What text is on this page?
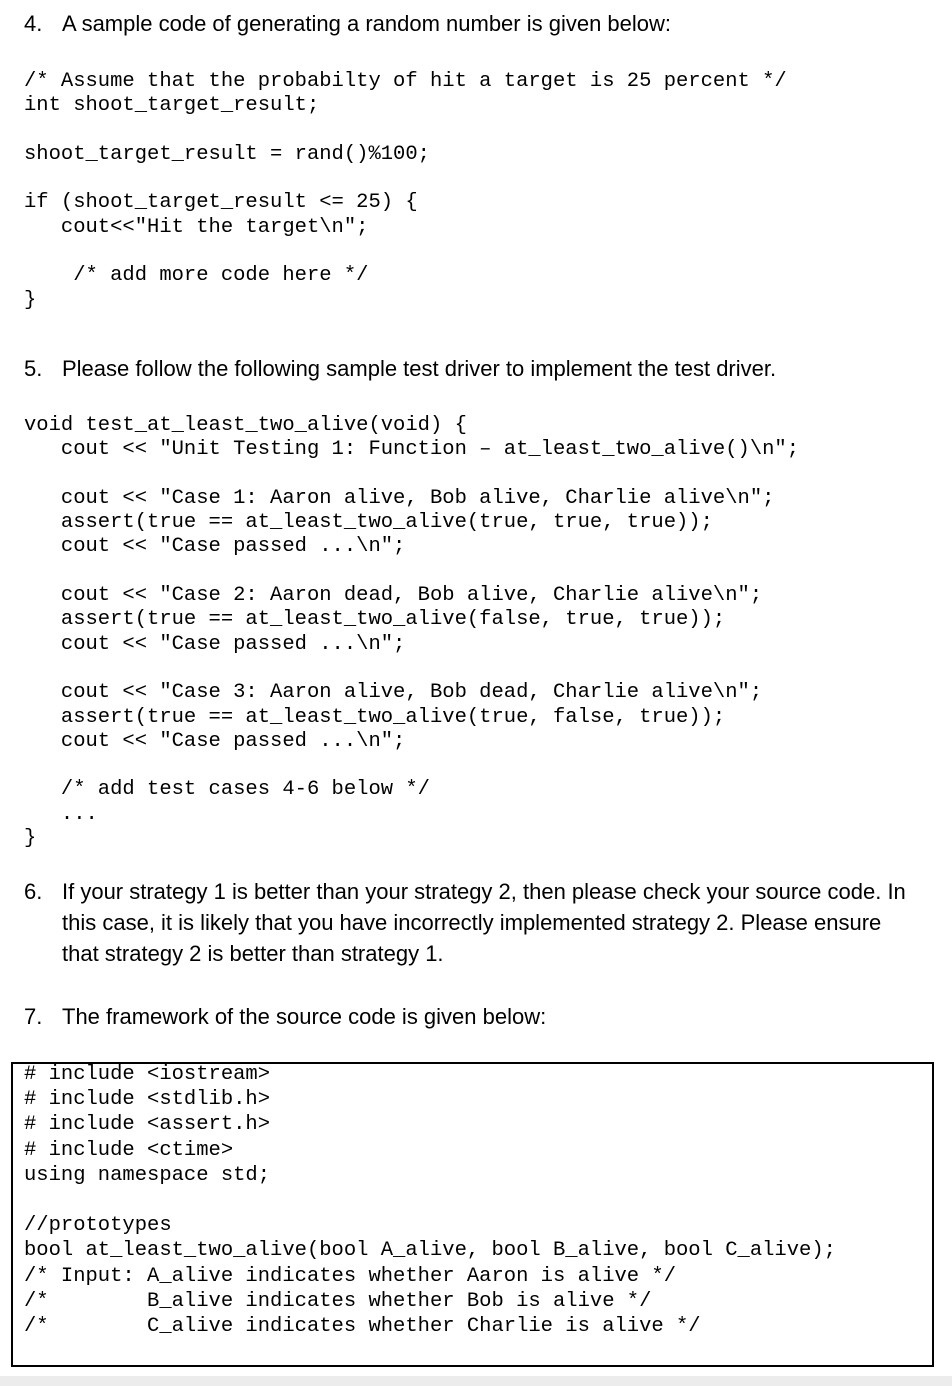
4. A sample code of generating a random number is given below:
/* Assume that the probabilty of hit a target is 25 percent */
int shoot_target_result;
shoot_target_result = rand()%100;
if (shoot_target_result <= 25) {
cout<<"Hit the target\n";
/* add more code here */
}
5. Please follow the following sample test driver to implement the test driver.
void test_at_least_two_alive(void) {
cout << "Unit Testing 1: Function – at_least_two_alive()\n";
cout << "Case 1: Aaron alive, Bob alive, Charlie alive\n";
assert(true == at_least_two_alive(true, true, true));
cout << "Case passed ...\n";
cout << "Case 2: Aaron dead, Bob alive, Charlie alive\n";
assert(true == at_least_two_alive(false, true, true));
cout << "Case passed ...\n";
cout << "Case 3: Aaron alive, Bob dead, Charlie alive\n";
assert(true == at_least_two_alive(true, false, true));
cout << "Case passed ...\n";
/* add test cases 4-6 below */
...
}
6. If your strategy 1 is better than your strategy 2, then please check your source code. In this case, it is likely that you have incorrectly implemented strategy 2. Please ensure that strategy 2 is better than strategy 1.
7. The framework of the source code is given below:
# include <iostream>
# include <stdlib.h>
# include <assert.h>
# include <ctime>
using namespace std;
//prototypes
bool at_least_two_alive(bool A_alive, bool B_alive, bool C_alive);
/* Input: A_alive indicates whether Aaron is alive */
/*        B_alive indicates whether Bob is alive */
/*        C_alive indicates whether Charlie is alive */
